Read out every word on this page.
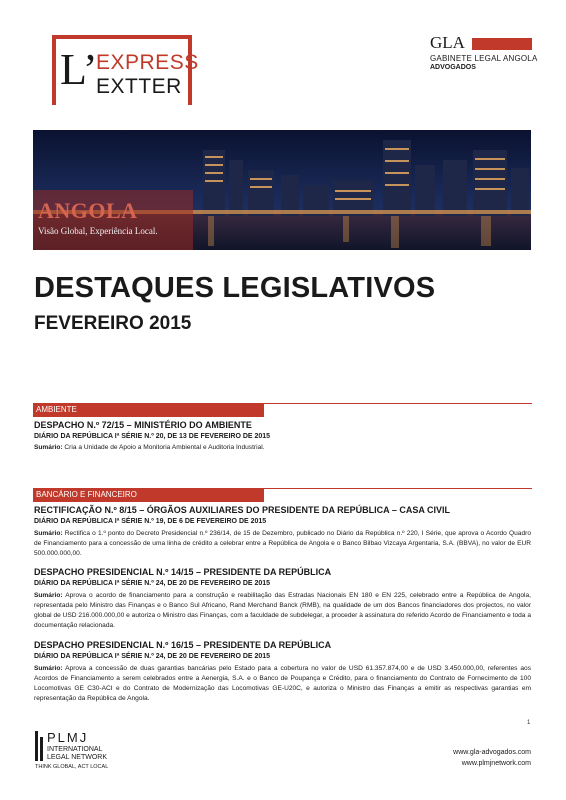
L’
EXPRESS
EXTTER
GLA
GABINETE LEGAL ANGOLA
ADVOGADOS
ANGOLA
Visão Global, Experiência Local.
DESTAQUES LEGISLATIVOS
FEVEREIRO 2015
AMBIENTE
DESPACHO N.º 72/15 – MINISTÉRIO DO AMBIENTE
DIÁRIO DA REPÚBLICA Iª SÉRIE N.º 20, DE 13 DE FEVEREIRO DE 2015
Sumário: Cria a Unidade de Apoio a Monitoria Ambiental e Auditoria Industrial.
BANCÁRIO E FINANCEIRO
RECTIFICAÇÃO N.º 8/15 – ÓRGÃOS AUXILIARES DO PRESIDENTE DA REPÚBLICA – CASA CIVIL
DIÁRIO DA REPÚBLICA Iª SÉRIE N.º 19, DE 6 DE FEVEREIRO DE 2015
Sumário: Rectifica o 1.º ponto do Decreto Presidencial n.º 236/14, de 15 de Dezembro, publicado no Diário da República n.º 220, I Série, que aprova o Acordo Quadro de Financiamento para a concessão de uma linha de crédito a celebrar entre a República de Angola e o Banco Bilbao Vizcaya Argentaria, S.A. (BBVA), no valor de EUR 500.000.000,00.
DESPACHO PRESIDENCIAL N.º 14/15 – PRESIDENTE DA REPÚBLICA
DIÁRIO DA REPÚBLICA Iª SÉRIE N.º 24, DE 20 DE FEVEREIRO DE 2015
Sumário: Aprova o acordo de financiamento para a construção e reabilitação das Estradas Nacionais EN 180 e EN 225, celebrado entre a República de Angola, representada pelo Ministro das Finanças e o Banco Sul Africano, Rand Merchand Banck (RMB), na qualidade de um dos Bancos financiadores dos projectos, no valor global de USD 216.000.000,00 e autoriza o Ministro das Finanças, com a faculdade de subdelegar, a proceder à assinatura do referido Acordo de Financiamento e toda a documentação relacionada.
DESPACHO PRESIDENCIAL N.º 16/15 – PRESIDENTE DA REPÚBLICA
DIÁRIO DA REPÚBLICA Iª SÉRIE N.º 24, DE 20 DE FEVEREIRO DE 2015
Sumário: Aprova a concessão de duas garantias bancárias pelo Estado para a cobertura no valor de USD 61.357.874,00 e de USD 3.450.000,00, referentes aos Acordos de Financiamento a serem celebrados entre a Aenergia, S.A. e o Banco de Poupança e Crédito, para o financiamento do Contrato de Fornecimento de 100 Locomotivas GE C30-ACI e do Contrato de Modernização das Locomotivas GE-U20C, e autoriza o Ministro das Finanças a emitir as respectivas garantias em representação da República de Angola.
1
PLMJ
INTERNATIONAL
LEGAL NETWORK
THINK GLOBAL, ACT LOCAL
www.gla-advogados.com
www.plmjnetwork.com
